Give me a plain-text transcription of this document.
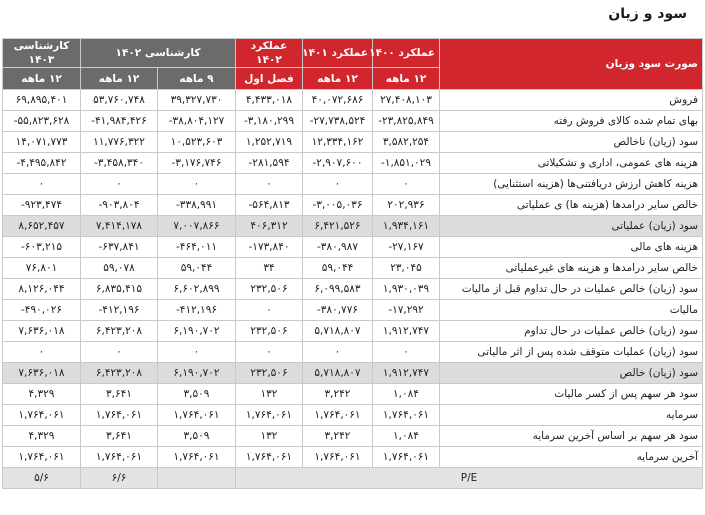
سود و زیان
صورت سود وزیان	عملکرد ۱۴۰۰	عملکرد ۱۴۰۱	عملکرد ۱۴۰۲	کارشناسی ۱۴۰۲		کارشناسی ۱۴۰۳
	۱۲ ماهه	۱۲ ماهه	فصل اول	۹ ماهه	۱۲ ماهه	۱۲ ماهه
فروش	۲۷,۴۰۸,۱۰۳	۴۰,۰۷۲,۶۸۶	۴,۴۳۳,۰۱۸	۳۹,۳۲۷,۷۳۰	۵۳,۷۶۰,۷۴۸	۶۹,۸۹۵,۴۰۱
بهای تمام شده کالای فروش رفته	-۲۳,۸۲۵,۸۴۹	-۲۷,۷۳۸,۵۲۴	-۳,۱۸۰,۲۹۹	-۳۸,۸۰۴,۱۲۷	-۴۱,۹۸۴,۴۲۶	-۵۵,۸۲۳,۶۲۸
سود (زیان) ناخالص	۳,۵۸۲,۲۵۴	۱۲,۳۳۴,۱۶۲	۱,۲۵۲,۷۱۹	۱۰,۵۲۳,۶۰۳	۱۱,۷۷۶,۳۲۲	۱۴,۰۷۱,۷۷۳
هزینه های عمومی، اداری و تشکیلاتی	-۱,۸۵۱,۰۲۹	-۲,۹۰۷,۶۰۰	-۲۸۱,۵۹۴	-۳,۱۷۶,۷۴۶	-۳,۴۵۸,۳۴۰	-۴,۴۹۵,۸۴۲
هزینه کاهش ارزش دریافتنی‌ها (هزینه استثنایی)	۰	۰	۰	۰	۰	۰
خالص سایر درامدها (هزینه ها) ی عملیاتی	۲۰۲,۹۳۶	-۳,۰۰۵,۰۳۶	-۵۶۴,۸۱۳	-۳۳۸,۹۹۱	-۹۰۳,۸۰۴	-۹۲۳,۴۷۴
سود (زیان) عملیاتی	۱,۹۳۴,۱۶۱	۶,۴۲۱,۵۲۶	۴۰۶,۳۱۲	۷,۰۰۷,۸۶۶	۷,۴۱۴,۱۷۸	۸,۶۵۲,۴۵۷
هزینه های مالی	-۲۷,۱۶۷	-۳۸۰,۹۸۷	-۱۷۳,۸۴۰	-۴۶۴,۰۱۱	-۶۳۷,۸۴۱	-۶۰۳,۲۱۵
خالص سایر درامدها و هزینه های غیرعملیاتی	۲۳,۰۴۵	۵۹,۰۴۴	۳۴	۵۹,۰۴۴	۵۹,۰۷۸	۷۶,۸۰۱
سود (زیان) خالص عملیات در حال تداوم قبل از مالیات	۱,۹۳۰,۰۳۹	۶,۰۹۹,۵۸۳	۲۳۲,۵۰۶	۶,۶۰۲,۸۹۹	۶,۸۳۵,۴۱۵	۸,۱۲۶,۰۴۴
مالیات	-۱۷,۲۹۲	-۳۸۰,۷۷۶	۰	-۴۱۲,۱۹۶	-۴۱۲,۱۹۶	-۴۹۰,۰۲۶
سود (زیان) خالص عملیات در حال تداوم	۱,۹۱۲,۷۴۷	۵,۷۱۸,۸۰۷	۲۳۲,۵۰۶	۶,۱۹۰,۷۰۲	۶,۴۲۳,۲۰۸	۷,۶۳۶,۰۱۸
سود (زیان) عملیات متوقف شده پس از اثر مالیاتی	۰	۰	۰	۰	۰	۰
سود (زیان) خالص	۱,۹۱۲,۷۴۷	۵,۷۱۸,۸۰۷	۲۳۲,۵۰۶	۶,۱۹۰,۷۰۲	۶,۴۲۳,۲۰۸	۷,۶۳۶,۰۱۸
سود هر سهم پس از کسر مالیات	۱,۰۸۴	۳,۲۴۲	۱۳۲	۳,۵۰۹	۳,۶۴۱	۴,۳۲۹
سرمایه	۱,۷۶۴,۰۶۱	۱,۷۶۴,۰۶۱	۱,۷۶۴,۰۶۱	۱,۷۶۴,۰۶۱	۱,۷۶۴,۰۶۱	۱,۷۶۴,۰۶۱
سود هر سهم بر اساس آخرین سرمایه	۱,۰۸۴	۳,۲۴۲	۱۳۲	۳,۵۰۹	۳,۶۴۱	۴,۳۲۹
آخرین سرمایه	۱,۷۶۴,۰۶۱	۱,۷۶۴,۰۶۱	۱,۷۶۴,۰۶۱	۱,۷۶۴,۰۶۱	۱,۷۶۴,۰۶۱	۱,۷۶۴,۰۶۱
P/E					۶/۶	۵/۶
